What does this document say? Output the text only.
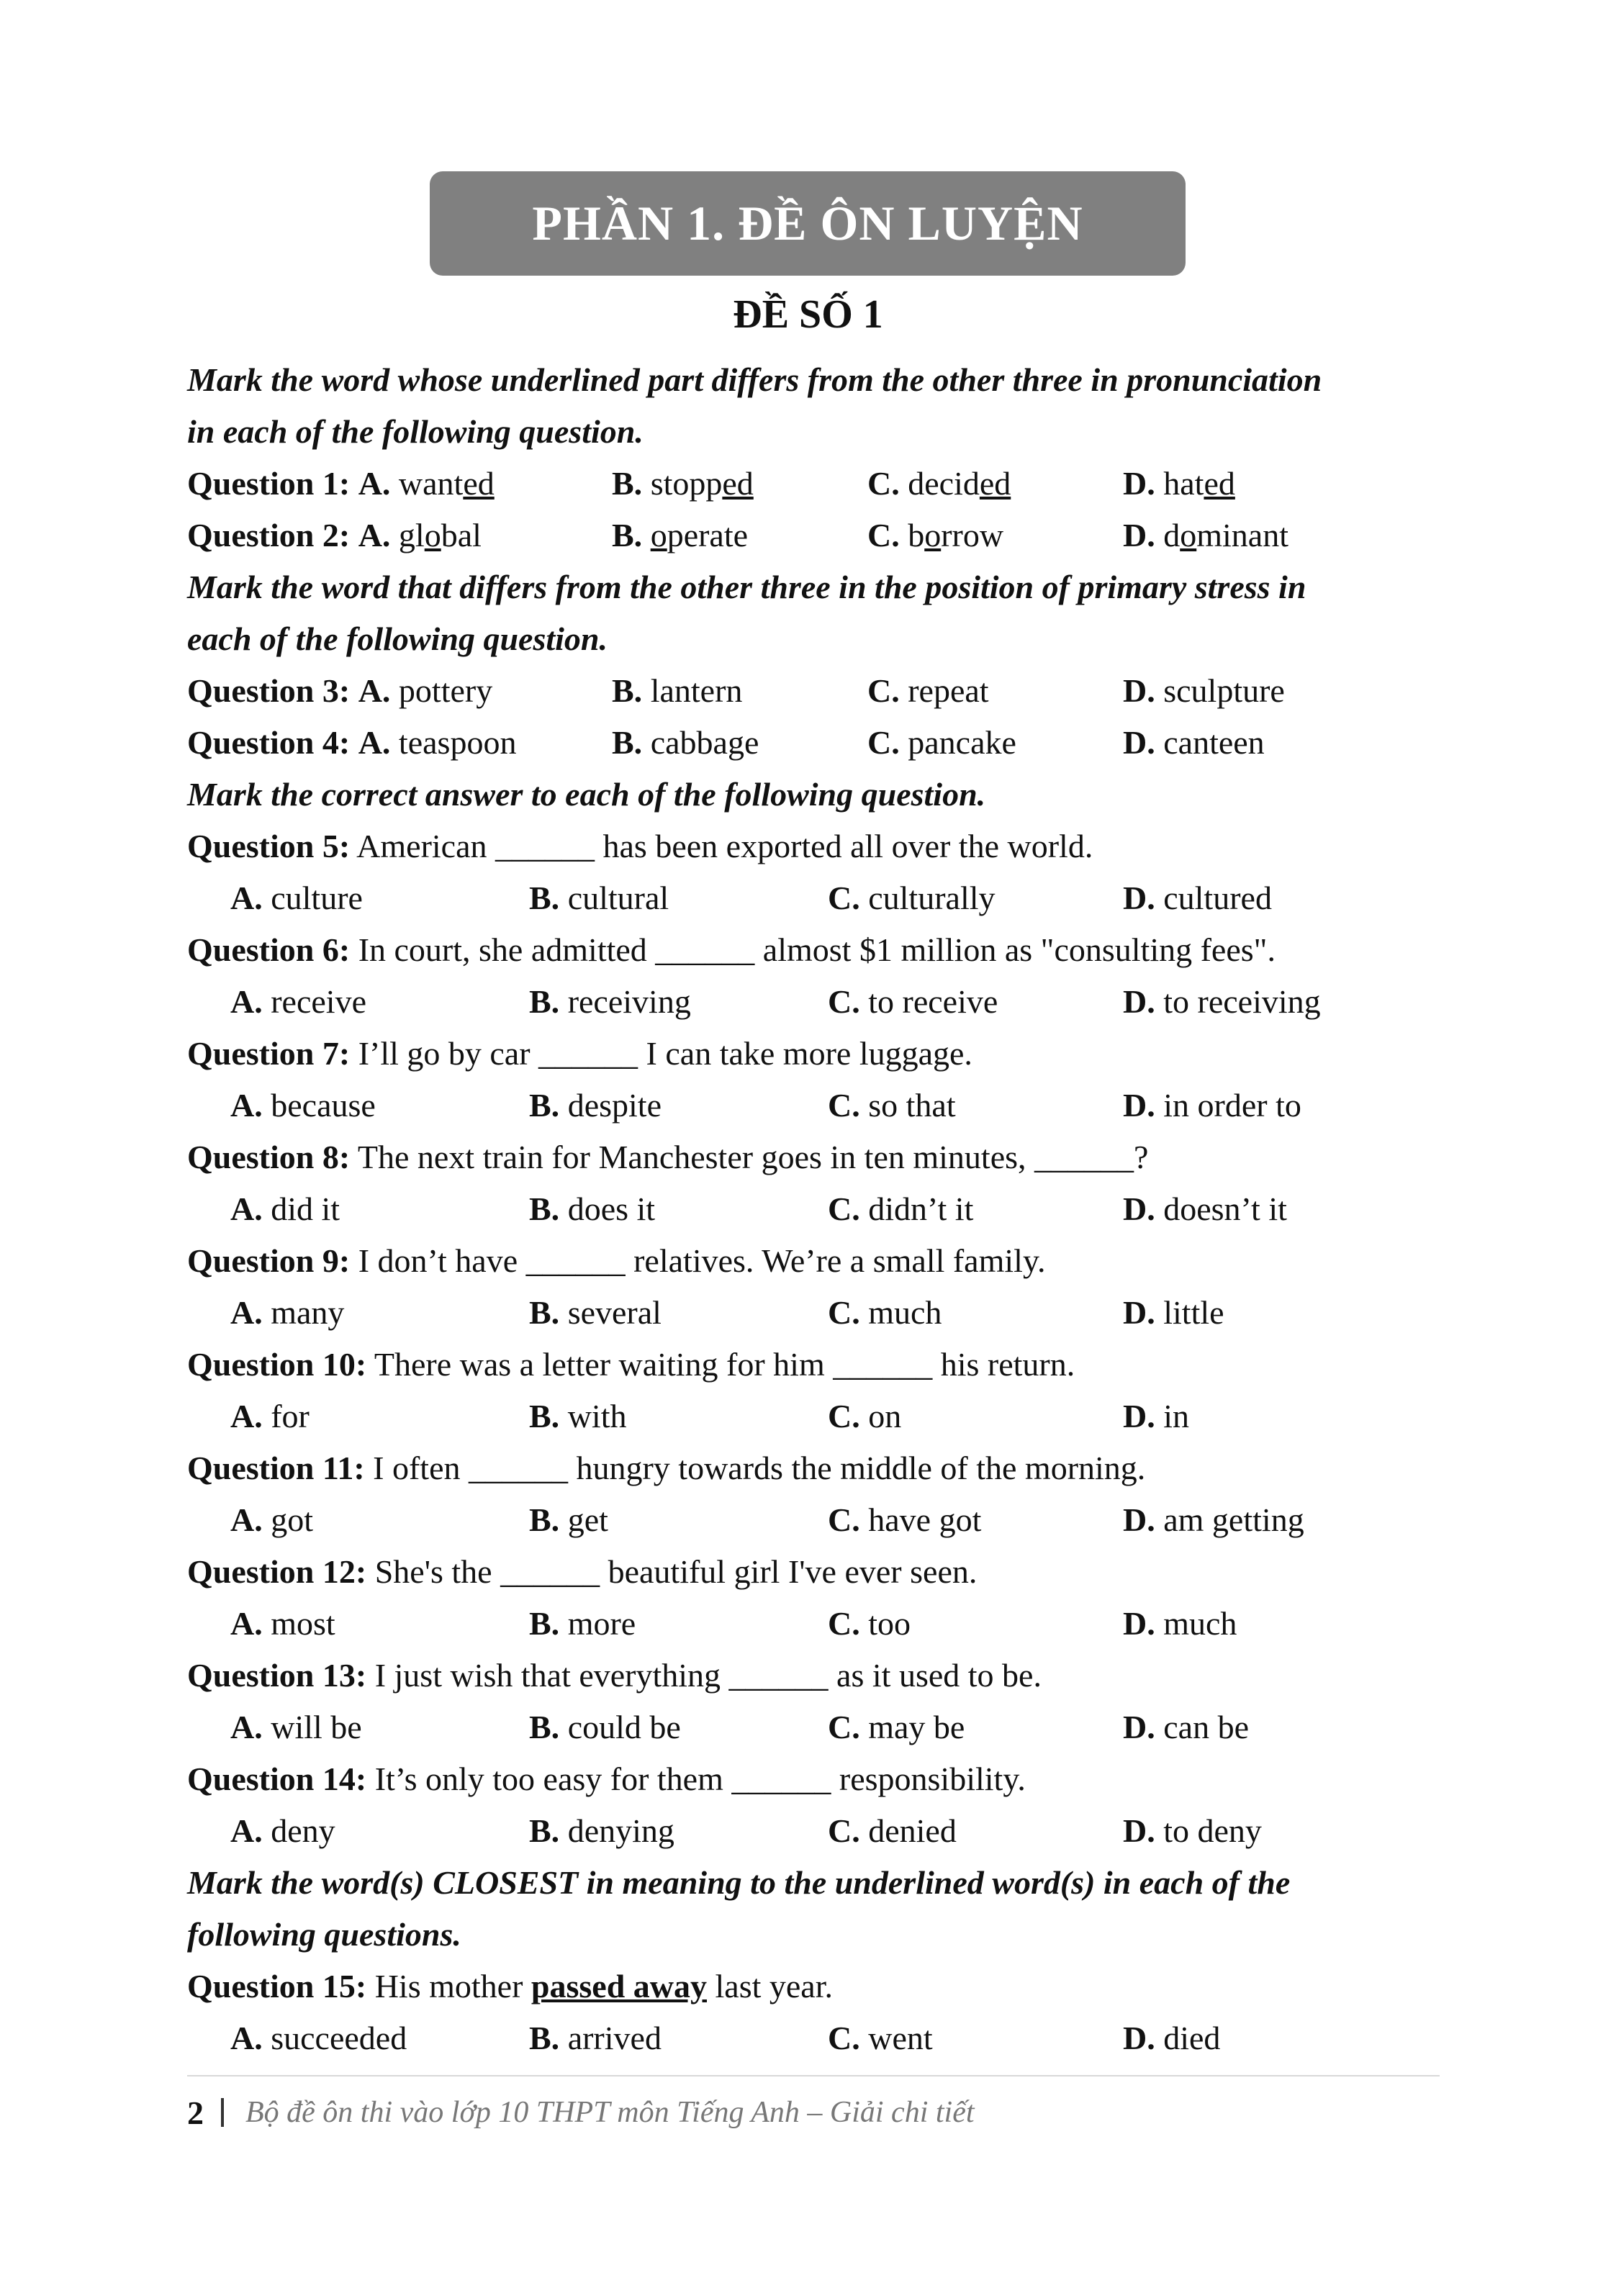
PHẦN 1. ĐỀ ÔN LUYỆN
ĐỀ SỐ 1
Mark the word whose underlined part differs from the other three in pronunciation
in each of the following question.
Question 1: A. wanted	B. stopped	C. decided	D. hated
Question 2: A. global	B. operate	C. borrow	D. dominant
Mark the word that differs from the other three in the position of primary stress in
each of the following question.
Question 3: A. pottery	B. lantern	C. repeat	D. sculpture
Question 4: A. teaspoon	B. cabbage	C. pancake	D. canteen
Mark the correct answer to each of the following question.
Question 5: American ______ has been exported all over the world.
A. culture	B. cultural	C. culturally	D. cultured
Question 6: In court, she admitted ______ almost $1 million as "consulting fees".
A. receive	B. receiving	C. to receive	D. to receiving
Question 7: I’ll go by car ______ I can take more luggage.
A. because	B. despite	C. so that	D. in order to
Question 8: The next train for Manchester goes in ten minutes, ______?
A. did it	B. does it	C. didn’t it	D. doesn’t it
Question 9: I don’t have ______ relatives. We’re a small family.
A. many	B. several	C. much	D. little
Question 10: There was a letter waiting for him ______ his return.
A. for	B. with	C. on	D. in
Question 11: I often ______ hungry towards the middle of the morning.
A. got	B. get	C. have got	D. am getting
Question 12: She's the ______ beautiful girl I've ever seen.
A. most	B. more	C. too	D. much
Question 13: I just wish that everything ______ as it used to be.
A. will be	B. could be	C. may be	D. can be
Question 14: It’s only too easy for them ______ responsibility.
A. deny	B. denying	C. denied	D. to deny
Mark the word(s) CLOSEST in meaning to the underlined word(s) in each of the
following questions.
Question 15: His mother passed away last year.
A. succeeded	B. arrived	C. went	D. died
2 Bộ đề ôn thi vào lớp 10 THPT môn Tiếng Anh – Giải chi tiết
